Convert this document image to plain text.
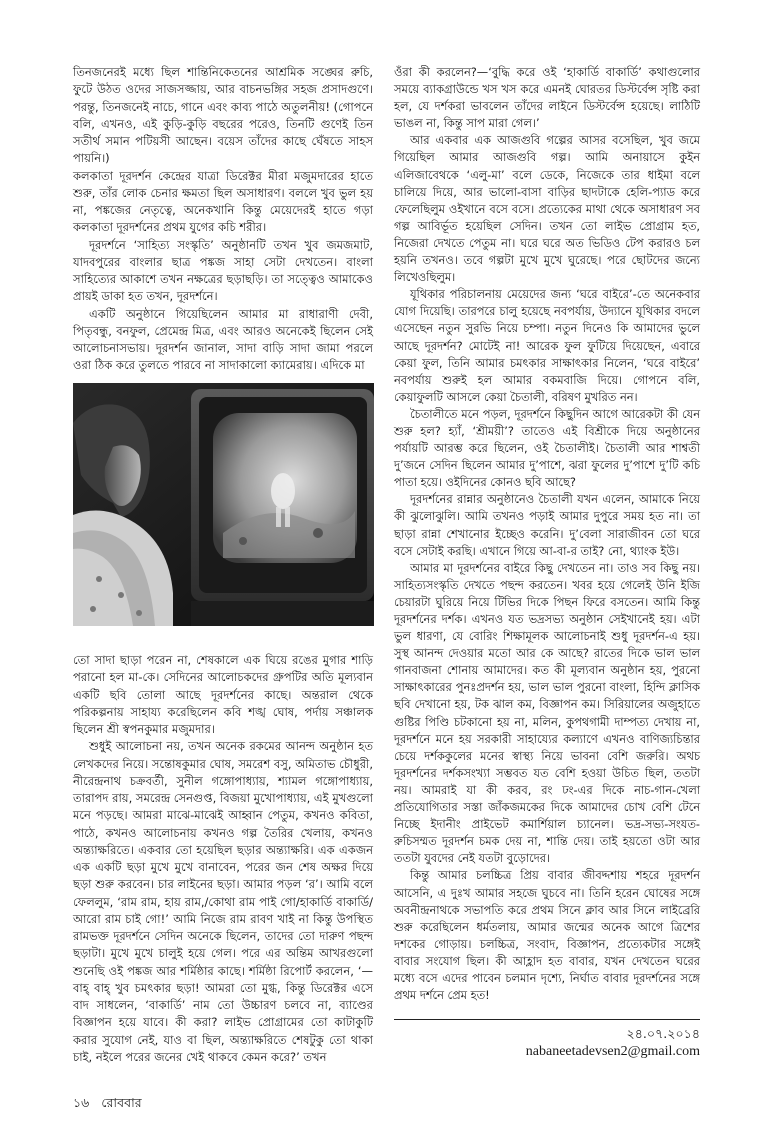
তিনজনেরই মধ্যে ছিল শান্তিনিকেতনের আশ্রমিক সঙ্ঘের রুচি, ফুটে উঠত ওদের সাজসজ্জায়, আর বাচনভঙ্গির সহজ প্রসাদগুণে। পরন্তু, তিনজনেই নাচে, গানে এবং কাব্য পাঠে অতুলনীয়! (গোপনে বলি, এখনও, এই কুড়ি-কুড়ি বছরের পরেও, তিনটি গুণেই তিন সতীর্থ সমান পটিয়সী আছেন। বয়েস তাঁদের কাছে ঘেঁষতে সাহস পায়নি।)

কলকাতা দূরদর্শন কেন্দ্রের যাত্রা ডিরেক্টর মীরা মজুমদারের হাতে শুরু, তাঁর লোক চেনার ক্ষমতা ছিল অসাধারণ। বললে খুব ভুল হয় না, পঙ্কজের নেতৃত্বে, অনেকখানি কিন্তু মেয়েদেরই হাতে গড়া কলকাতা দূরদর্শনের প্রথম যুগের কচি শরীর।

দূরদর্শনে ‘সাহিত্য সংস্কৃতি’ অনুষ্ঠানটি তখন খুব জমজমাট, যাদবপুরের বাংলার ছাত্র পঙ্কজ সাহা সেটা দেখতেন। বাংলা সাহিত্যের আকাশে তখন নক্ষত্রের ছড়াছড়ি। তা সত্ত্বেও আমাকেও প্রায়ই ডাকা হত তখন, দূরদর্শনে।

একটি অনুষ্ঠানে গিয়েছিলেন আমার মা রাধারাণী দেবী, পিতৃবন্ধু, বনফুল, প্রেমেন্দ্র মিত্র, এবং আরও অনেকেই ছিলেন সেই আলোচনাসভায়। দূরদর্শন জানাল, সাদা বাড়ি সাদা জামা পরলে ওরা ঠিক করে তুলতে পারবে না সাদাকালো ক্যামেরায়। এদিকে মা

তো সাদা ছাড়া পরেন না, শেষকালে এক ঘিয়ে রঙের মুগার শাড়ি পরানো হল মা-কে। সেদিনের আলোচকদের গ্রুপটির অতি মূল্যবান একটি ছবি তোলা আছে দূরদর্শনের কাছে। অন্তরাল থেকে পরিকল্পনায় সাহায্য করেছিলেন কবি শঙ্খ ঘোষ, পর্দায় সঞ্চালক ছিলেন শ্রী স্বপনকুমার মজুমদার।

শুধুই আলোচনা নয়, তখন অনেক রকমের আনন্দ অনুষ্ঠান হত লেখকদের নিয়ে। সন্তোষকুমার ঘোষ, সমরেশ বসু, অমিতাভ চৌধুরী, নীরেন্দ্রনাথ চক্রবর্তী, সুনীল গঙ্গোপাধ্যায়, শ্যামল গঙ্গোপাধ্যায়, তারাপদ রায়, সমরেন্দ্র সেনগুপ্ত, বিজয়া মুখোপাধ্যায়, এই মুখগুলো মনে পড়ছে। আমরা মাঝে-মাঝেই আহ্বান পেতুম, কখনও কবিতা, পাঠে, কখনও আলোচনায় কখনও গল্প তৈরির খেলায়, কখনও অন্ত্যাক্ষরিতে। একবার তো হয়েছিল ছড়ার অন্ত্যাক্ষরি। এক একজন এক একটি ছড়া মুখে মুখে বানাবেন, পরের জন শেষ অক্ষর দিয়ে ছড়া শুরু করবেন। চার লাইনের ছড়া। আমার পড়ল ‘র’। আমি বলে ফেললুম, ‘রাম রাম, হায় রাম,/কোথা রাম পাই গো/হাকার্ডি বাকার্ডি/আরো রাম চাই গো!’ আমি নিজে রাম রাবণ খাই না কিন্তু উপস্থিত রামভক্ত দূরদর্শনে সেদিন অনেকে ছিলেন, তাদের তো দারুণ পছন্দ ছড়াটা। মুখে মুখে চালুই হয়ে গেল। পরে এর অন্তিম আখরগুলো শুনেছি ওই পঙ্কজ আর শর্মিষ্ঠার কাছে। শর্মিষ্ঠা রিপোর্ট করলেন, ‘—বাহ্ বাহ্ খুব চমৎকার ছড়া! আমরা তো মুগ্ধ, কিন্তু ডিরেক্টর এসে বাদ সাধলেন, ‘বাকার্ডি’ নাম তো উচ্চারণ চলবে না, ব্যাণ্ডের বিজ্ঞাপন হয়ে যাবে। কী করা? লাইভ প্রোগ্রামের তো কাটাকুটি করার সুযোগ নেই, যাও বা ছিল, অন্ত্যাক্ষরিতে শেষটুকু তো থাকা চাই, নইলে পরের জনের খেই থাকবে কেমন করে?’ তখন

ওঁরা কী করলেন?—‘বুদ্ধি করে ওই ‘হাকার্ডি বাকার্ডি’ কথাগুলোর সময়ে ব্যাকগ্রাউন্ডে খস খস করে এমনই ঘোরতর ডিস্টর্বেন্স সৃষ্টি করা হল, যে দর্শকরা ভাবলেন তাঁদের লাইনে ডিস্টর্বেন্স হয়েছে। লাঠিটি ভাঙল না, কিন্তু সাপ মারা গেল।’

আর একবার এক আজগুবি গল্পের আসর বসেছিল, খুব জমে গিয়েছিল আমার আজগুবি গল্প। আমি অনায়াসে কুইন এলিজাবেথকে ‘এলু-মা’ বলে ডেকে, নিজেকে তার ধাইমা বলে চালিয়ে দিয়ে, আর ভালো-বাসা বাড়ির ছাদটাকে হেলি-প্যাড করে ফেলেছিলুম ওইখানে বসে বসে। প্রত্যেকের মাথা থেকে অসাধারণ সব গল্প আবির্ভূত হয়েছিল সেদিন। তখন তো লাইভ প্রোগ্রাম হত, নিজেরা দেখতে পেতুম না। ঘরে ঘরে অত ভিডিও টেপ করারও চল হয়নি তখনও। তবে গল্পটা মুখে মুখে ঘুরেছে। পরে ছোটদের জন্যে লিখেওছিলুম।

যূথিকার পরিচালনায় মেয়েদের জন্য ‘ঘরে বাইরে’-তে অনেকবার যোগ দিয়েছি। তারপরে চালু হয়েছে নবপর্যায়, উদ্যানে যূথিকার বদলে এসেছেন নতুন সুরভি নিয়ে চম্পা। নতুন দিনেও কি আমাদের ভুলে আছে দূরদর্শন? মোটেই না! আরেক ফুল ফুটিয়ে দিয়েছেন, এবারে কেয়া ফুল, তিনি আমার চমৎকার সাক্ষাৎকার নিলেন, ‘ঘরে বাইরে’ নবপর্যায় শুরুই হল আমার বকমবাজি দিয়ে। গোপনে বলি, কেয়াফুলটি আসলে কেয়া চৈতালী, বরিষণ মুখরিত নন।

চৈতালীতে মনে পড়ল, দূরদর্শনে কিছুদিন আগে আরেকটা কী যেন শুরু হল? হ্যাঁ, ‘শ্রীময়ী’? তাতেও এই বিশ্রীকে দিয়ে অনুষ্ঠানের পর্যায়টি আরম্ভ করে ছিলেন, ওই চৈতালীই। চৈতালী আর শাশ্বতী দু’জনে সেদিন ছিলেন আমার দু’পাশে, ঝরা ফুলের দু’পাশে দু’টি কচি পাতা হয়ে। ওইদিনের কোনও ছবি আছে?

দূরদর্শনের রান্নার অনুষ্ঠানেও চৈতালী যখন এলেন, আমাকে নিয়ে কী ঝুলোঝুলি। আমি তখনও পড়াই আমার দুপুরে সময় হত না। তা ছাড়া রান্না শেখানোর ইচ্ছেও করেনি। দু’বেলা সারাজীবন তো ঘরে বসে সেটাই করছি। এখানে গিয়ে আ-বা-র তাই? নো, থ্যাংক ইউ।

আমার মা দূরদর্শনের বাইরে কিছু দেখতেন না। তাও সব কিছু নয়। সাহিত্যসংস্কৃতি দেখতে পছন্দ করতেন। খবর হয়ে গেলেই উনি ইজি চেয়ারটা ঘুরিয়ে নিয়ে টিভির দিকে পিছন ফিরে বসতেন। আমি কিন্তু দূরদর্শনের দর্শক। এখনও যত ভদ্রসভ্য অনুষ্ঠান সেইখানেই হয়। এটা ভুল ধারণা, যে বোরিং শিক্ষামূলক আলোচনাই শুধু দূরদর্শন-এ হয়। সুস্থ আনন্দ দেওয়ার মতো আর কে আছে? রাতের দিকে ভাল ভাল গানবাজনা শোনায় আমাদের। কত কী মূল্যবান অনুষ্ঠান হয়, পুরনো সাক্ষাৎকারের পুনঃপ্রদর্শন হয়, ভাল ভাল পুরনো বাংলা, হিন্দি ক্লাসিক ছবি দেখানো হয়, টক ঝাল কম, বিজ্ঞাপন কম। সিরিয়ালের অজুহাতে গুষ্টির পিণ্ডি চটকানো হয় না, মলিন, কুপথগামী দাম্পত্য দেখায় না, দূরদর্শনে মনে হয় সরকারী সাহায্যের কল্যাণে এখনও বাণিজ্যচিন্তার চেয়ে দর্শককুলের মনের স্বাস্থ্য নিয়ে ভাবনা বেশি জরুরি। অথচ দূরদর্শনের দর্শকসংখ্যা সম্ভবত যত বেশি হওয়া উচিত ছিল, ততটা নয়। আমরাই যা কী করব, রং ঢং-এর দিকে নাচ-গান-খেলা প্রতিযোগিতার সস্তা জাঁকজমকের দিকে আমাদের চোখ বেশি টেনে নিচ্ছে ইদানীং প্রাইভেট কমার্শিয়াল চ্যানেল। ভদ্র-সভ্য-সংযত-রুচিসম্মত দূরদর্শন চমক দেয় না, শান্তি দেয়। তাই হয়তো ওটা আর ততটা যুবদের নেই যতটা বুড়োদের।

কিন্তু আমার চলচ্চিত্র প্রিয় বাবার জীবদ্দশায় শহরে দূরদর্শন আসেনি, এ দুঃখ আমার সহজে ঘুচবে না। তিনি হরেন ঘোষের সঙ্গে অবনীন্দ্রনাথকে সভাপতি করে প্রথম সিনে ক্লাব আর সিনে লাইব্রেরি শুরু করেছিলেন ধর্মতলায়, আমার জন্মের অনেক আগে ত্রিশের দশকের গোড়ায়। চলচ্চিত্র, সংবাদ, বিজ্ঞাপন, প্রত্যেকটার সঙ্গেই বাবার সংযোগ ছিল। কী আহ্লাদ হত বাবার, যখন দেখতেন ঘরের মধ্যে বসে এদের পাবেন চলমান দৃশ্যে, নির্ঘাত বাবার দূরদর্শনের সঙ্গে প্রথম দর্শনে প্রেম হত!

২৪.০৭.২০১৪
nabaneetadevsen2@gmail.com
১৬ রোববার
